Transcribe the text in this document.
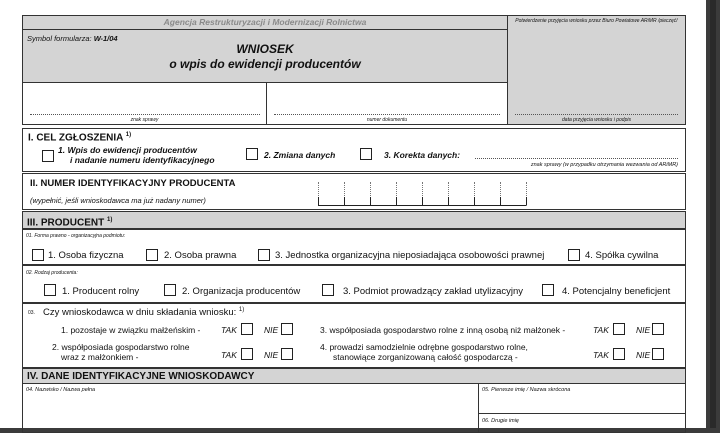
Agencja Restrukturyzacji i Modernizacji Rolnictwa	Potwierdzenie przyjęcia wniosku przez Biuro Powiatowe ARiMR /pieczęć/
Symbol formularza: W-1/04
WNIOSEK
o wpis do ewidencji producentów
znak sprawy	numer dokumentu	data przyjęcia wniosku i podpis
I. CEL ZGŁOSZENIA $^{1)}$
1. Wpis do ewidencji producentów
i nadanie numeru identyfikacyjnego	2. Zmiana danych	3. Korekta danych:
znak sprawy (w przypadku otrzymania wezwania od ARiMR)
II. NUMER IDENTYFIKACYJNY PRODUCENTA
(wypełnić, jeśli wnioskodawca ma już nadany numer)
III. PRODUCENT $^{1)}$
01. Forma prawno - organizacyjna podmiotu:
1. Osoba fizyczna	2. Osoba prawna	3. Jednostka organizacyjna nieposiadająca osobowości prawnej	4. Spółka cywilna
02. Rodzaj producenta:
1. Producent rolny	2. Organizacja producentów	3. Podmiot prowadzący zakład utylizacyjny	4. Potencjalny beneficjent
03. Czy wnioskodawca w dniu składania wniosku: $^{1)}$
1. pozostaje w związku małżeńskim - TAK	NIE	3. współposiada gospodarstwo rolne z inną osobą niż małżonek -	TAK	NIE
2. współposiada gospodarstwo rolne
wraz z małżonkiem -	TAK	NIE
4. prowadzi samodzielnie odrębne gospodarstwo rolne,
stanowiące zorganizowaną całość gospodarczą -	TAK	NIE
IV. DANE IDENTYFIKACYJNE WNIOSKODAWCY
04. Nazwisko / Nazwa pełna	05. Pierwsze imię / Nazwa skrócona
06. Drugie imię
